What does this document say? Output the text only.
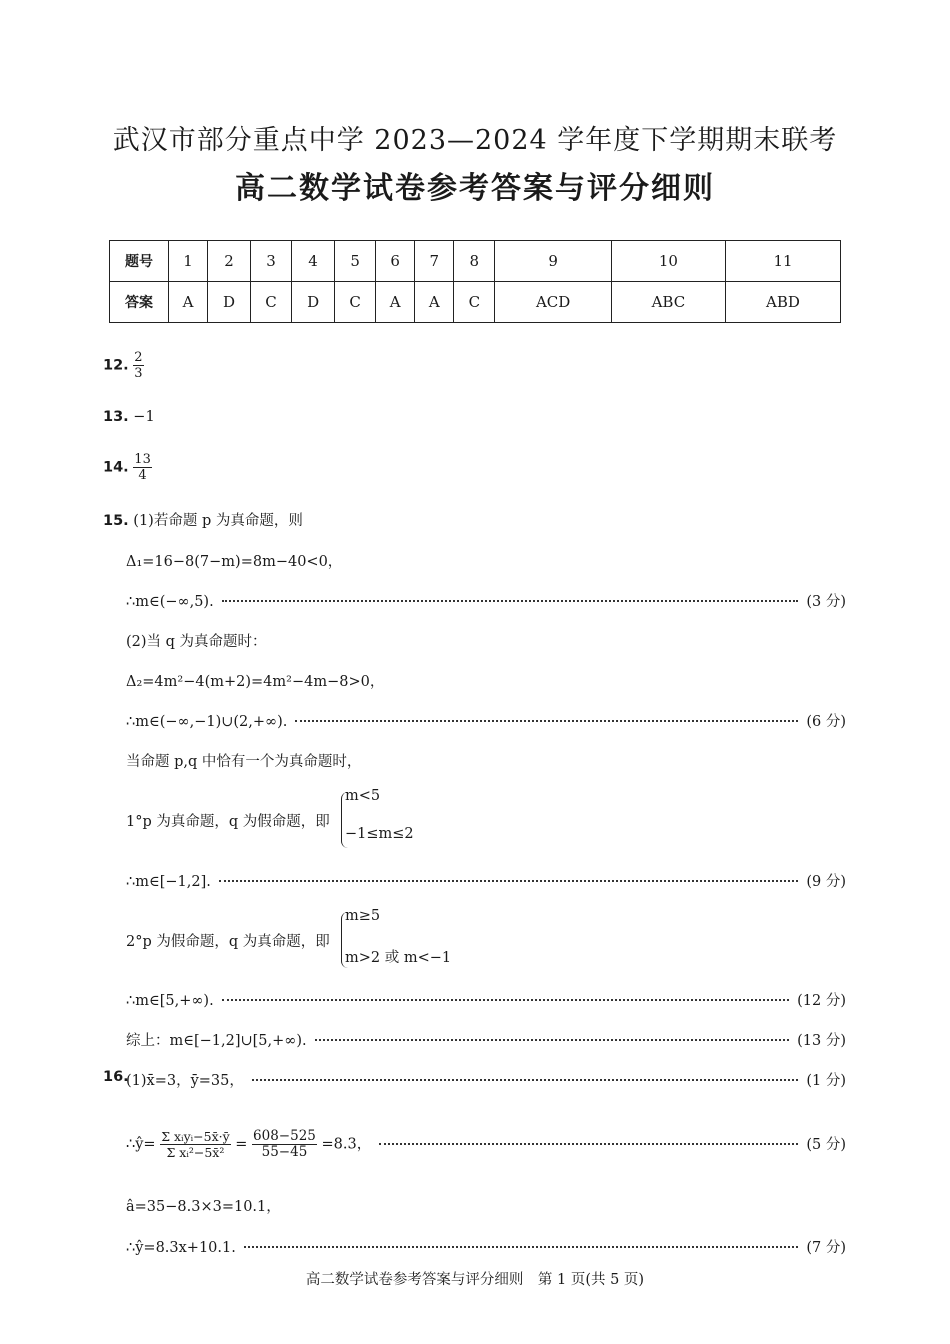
武汉市部分重点中学 2023—2024 学年度下学期期末联考
高二数学试卷参考答案与评分细则
题号	1	2	3	4	5	6	7	8	9	10	11
答案	A	D	C	D	C	A	A	C	ACD	ABC	ABD
12. $\frac{2}{3}$
13. −1
14. $\frac{13}{4}$
15. (1)若命题 p 为真命题，则
Δ₁=16−8(7−m)=8m−40<0，
∴m∈(−∞,5).	(3 分)
(2)当 q 为真命题时：
Δ₂=4m²−4(m+2)=4m²−4m−8>0，
∴m∈(−∞,−1)∪(2,+∞).	(6 分)
当命题 p,q 中恰有一个为真命题时，
1°p 为真命题，q 为假命题，即
m<5
−1≤m≤2
∴m∈[−1,2].	(9 分)
2°p 为假命题，q 为真命题，即
m≥5
m>2 或 m<−1
∴m∈[5,+∞).	(12 分)
综上：m∈[−1,2]∪[5,+∞).	(13 分)
16.
(1)x̄=3，ȳ=35，	(1 分)
∴ŷ= $\frac{\text{Σ xᵢyᵢ−5x̄·ȳ}}{\text{Σ xᵢ²−5x̄²}} = \frac{608-525}{55-45} =8.3$，	(5 分)
â=35−8.3×3=10.1，
∴ŷ=8.3x+10.1.	(7 分)
高二数学试卷参考答案与评分细则　第 1 页(共 5 页)
